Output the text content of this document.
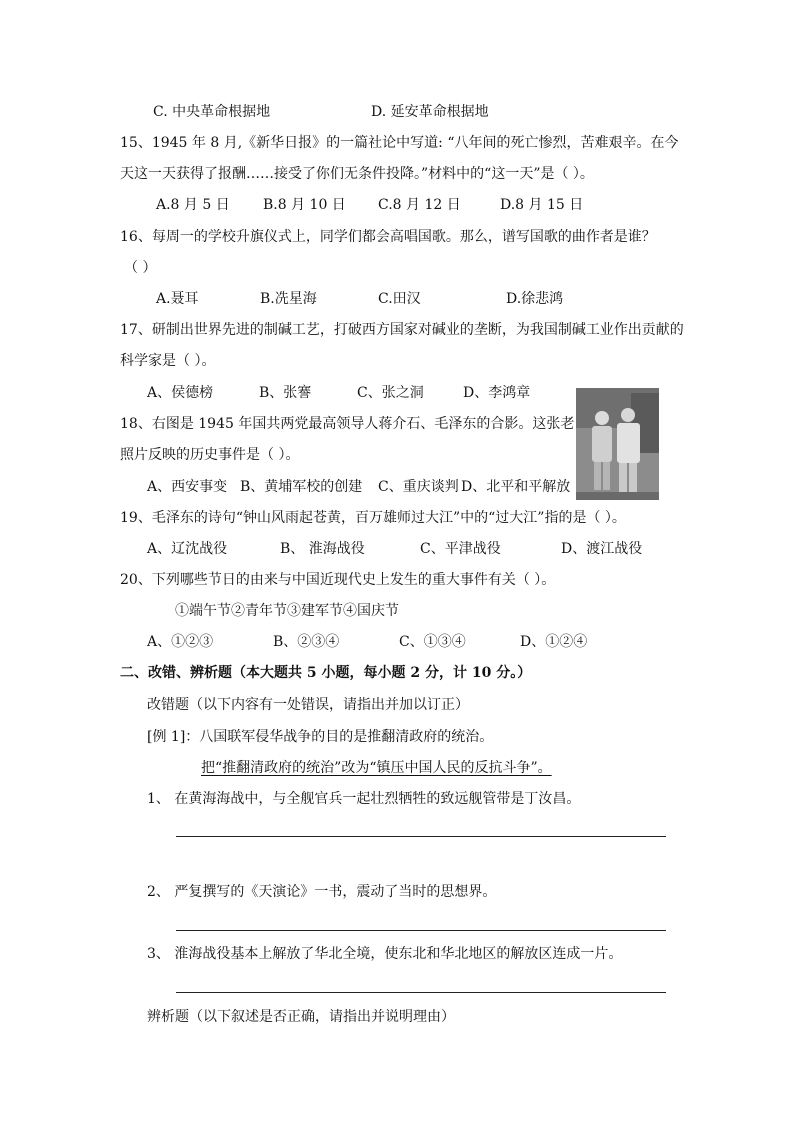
C. 中央革命根据地	D. 延安革命根据地
15、1945 年 8 月,《新华日报》的一篇社论中写道: “八年间的死亡惨烈，苦难艰辛。在今
天这一天获得了报酬……接受了你们无条件投降。”材料中的“这一天”是（ ）。
A.8 月 5 日 B.8 月 10 日 C.8 月 12 日	D.8 月 15 日
16、每周一的学校升旗仪式上，同学们都会高唱国歌。那么，谱写国歌的曲作者是谁？
（ ）
A.聂耳	B.冼星海	C.田汉	D.徐悲鸿
17、研制出世界先进的制碱工艺，打破西方国家对碱业的垄断，为我国制碱工业作出贡献的
科学家是（ ）。
A、侯德榜	B、张謇	C、张之洞	D、李鸿章
18、右图是 1945 年国共两党最高领导人蒋介石、毛泽东的合影。这张老
照片反映的历史事件是（ ）。
A、西安事变 B、黄埔军校的创建 C、重庆谈判 D、北平和平解放
19、毛泽东的诗句“钟山风雨起苍黄，百万雄师过大江”中的“过大江”指的是（ ）。
A、辽沈战役	B、 淮海战役	C、平津战役	D、渡江战役
20、下列哪些节日的由来与中国近现代史上发生的重大事件有关（ ）。
①端午节②青年节③建军节④国庆节
A、①②③	B、②③④	C、①③④	D、①②④
二、改错、辨析题（本大题共 5 小题，每小题 2 分，计 10 分。）
改错题（以下内容有一处错误，请指出并加以订正）
[例 1]：八国联军侵华战争的目的是推翻清政府的统治。
把“推翻清政府的统治”改为“镇压中国人民的反抗斗争”。
1、 在黄海海战中，与全舰官兵一起壮烈牺牲的致远舰管带是丁汝昌。
2、 严复撰写的《天演论》一书，震动了当时的思想界。
3、 淮海战役基本上解放了华北全境，使东北和华北地区的解放区连成一片。
辨析题（以下叙述是否正确，请指出并说明理由）
